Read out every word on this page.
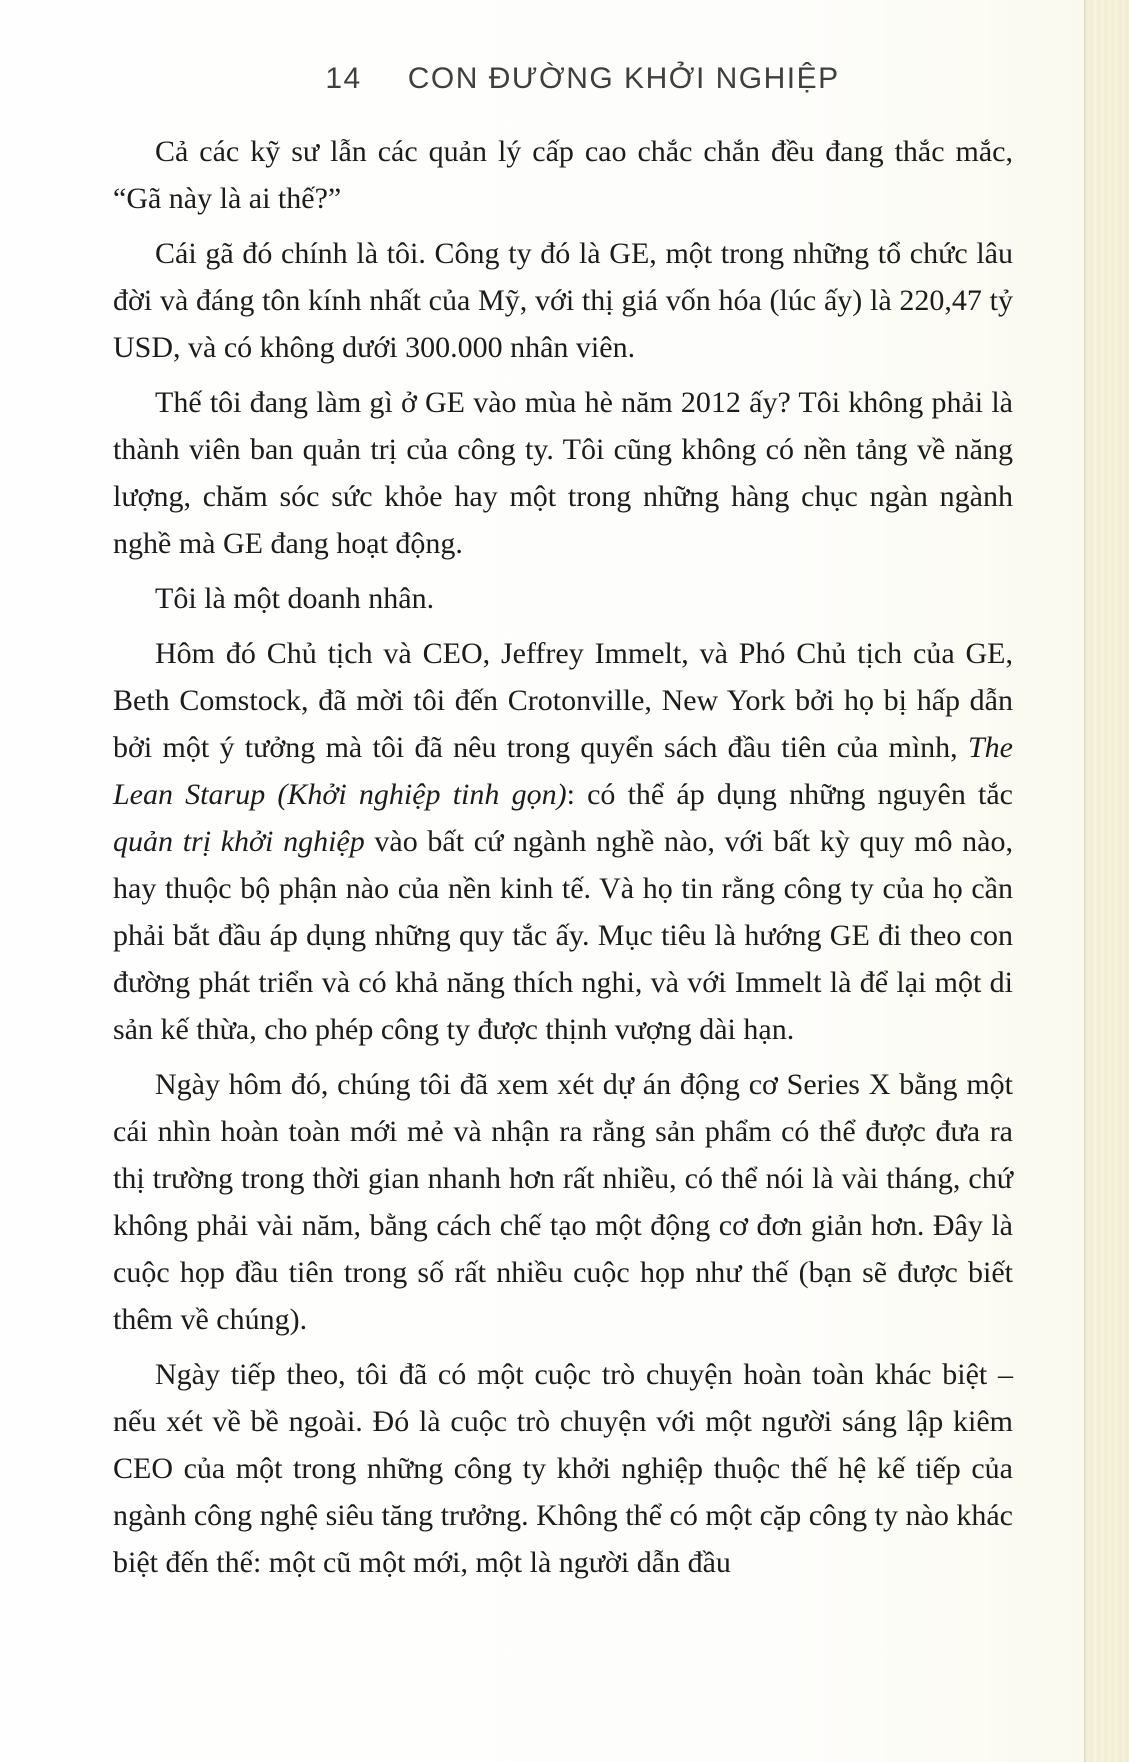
14 CON ĐƯỜNG KHỞI NGHIỆP

Cả các kỹ sư lẫn các quản lý cấp cao chắc chắn đều đang thắc mắc, “Gã này là ai thế?”

Cái gã đó chính là tôi. Công ty đó là GE, một trong những tổ chức lâu đời và đáng tôn kính nhất của Mỹ, với thị giá vốn hóa (lúc ấy) là 220,47 tỷ USD, và có không dưới 300.000 nhân viên.

Thế tôi đang làm gì ở GE vào mùa hè năm 2012 ấy? Tôi không phải là thành viên ban quản trị của công ty. Tôi cũng không có nền tảng về năng lượng, chăm sóc sức khỏe hay một trong những hàng chục ngàn ngành nghề mà GE đang hoạt động.

Tôi là một doanh nhân.

Hôm đó Chủ tịch và CEO, Jeffrey Immelt, và Phó Chủ tịch của GE, Beth Comstock, đã mời tôi đến Crotonville, New York bởi họ bị hấp dẫn bởi một ý tưởng mà tôi đã nêu trong quyển sách đầu tiên của mình, The Lean Starup (Khởi nghiệp tinh gọn): có thể áp dụng những nguyên tắc quản trị khởi nghiệp vào bất cứ ngành nghề nào, với bất kỳ quy mô nào, hay thuộc bộ phận nào của nền kinh tế. Và họ tin rằng công ty của họ cần phải bắt đầu áp dụng những quy tắc ấy. Mục tiêu là hướng GE đi theo con đường phát triển và có khả năng thích nghi, và với Immelt là để lại một di sản kế thừa, cho phép công ty được thịnh vượng dài hạn.

Ngày hôm đó, chúng tôi đã xem xét dự án động cơ Series X bằng một cái nhìn hoàn toàn mới mẻ và nhận ra rằng sản phẩm có thể được đưa ra thị trường trong thời gian nhanh hơn rất nhiều, có thể nói là vài tháng, chứ không phải vài năm, bằng cách chế tạo một động cơ đơn giản hơn. Đây là cuộc họp đầu tiên trong số rất nhiều cuộc họp như thế (bạn sẽ được biết thêm về chúng).

Ngày tiếp theo, tôi đã có một cuộc trò chuyện hoàn toàn khác biệt – nếu xét về bề ngoài. Đó là cuộc trò chuyện với một người sáng lập kiêm CEO của một trong những công ty khởi nghiệp thuộc thế hệ kế tiếp của ngành công nghệ siêu tăng trưởng. Không thể có một cặp công ty nào khác biệt đến thế: một cũ một mới, một là người dẫn đầu
